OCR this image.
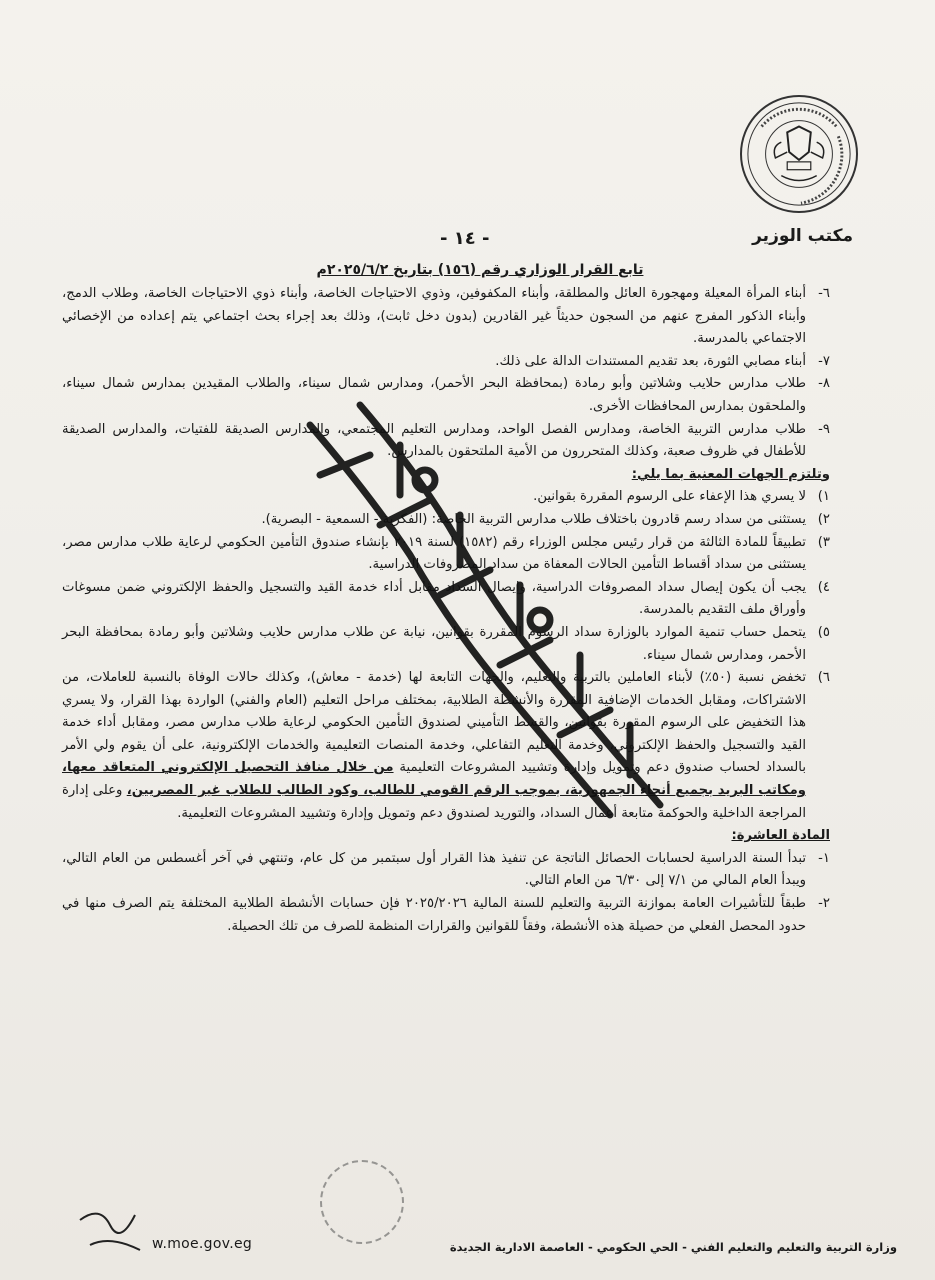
مكتب الوزير
- ١٤ -
تابع القرار الوزاري رقم (١٥٦) بتاريخ ٢٠٢٥/٦/٢م
٦-
أبناء المرأة المعيلة ومهجورة العائل والمطلقة، وأبناء المكفوفين، وذوي الاحتياجات الخاصة، وأبناء ذوي الاحتياجات الخاصة، وطلاب الدمج، وأبناء الذكور المفرج عنهم من السجون حديثاً غير القادرين (بدون دخل ثابت)، وذلك بعد إجراء بحث اجتماعي يتم إعداده من الإخصائي الاجتماعي بالمدرسة.
٧-
أبناء مصابي الثورة، بعد تقديم المستندات الدالة على ذلك.
٨-
طلاب مدارس حلايب وشلاتين وأبو رمادة (بمحافظة البحر الأحمر)، ومدارس شمال سيناء، والطلاب المقيدين بمدارس شمال سيناء، والملحقون بمدارس المحافظات الأخرى.
٩-
طلاب مدارس التربية الخاصة، ومدارس الفصل الواحد، ومدارس التعليم المجتمعي، والمدارس الصديقة للفتيات، والمدارس الصديقة للأطفال في ظروف صعبة، وكذلك المتحررون من الأمية الملتحقون بالمدارس.

وتلتزم الجهات المعنية بما يلي:

١)
لا يسري هذا الإعفاء على الرسوم المقررة بقوانين.
٢)
يستثنى من سداد رسم قادرون باختلاف طلاب مدارس التربية الخاصة: (الفكرية - السمعية - البصرية).
٣)
تطبيقاً للمادة الثالثة من قرار رئيس مجلس الوزراء رقم (١٥٨٢) لسنة ٢٠١٩ بإنشاء صندوق التأمين الحكومي لرعاية طلاب مدارس مصر، يستثنى من سداد أقساط التأمين الحالات المعفاة من سداد المصروفات الدراسية.
٤)
يجب أن يكون إيصال سداد المصروفات الدراسية، وإيصال السداد مقابل أداء خدمة القيد والتسجيل والحفظ الإلكتروني ضمن مسوغات وأوراق ملف التقديم بالمدرسة.
٥)
يتحمل حساب تنمية الموارد بالوزارة سداد الرسوم المقررة بقوانين، نيابة عن طلاب مدارس حلايب وشلاتين وأبو رمادة بمحافظة البحر الأحمر، ومدارس شمال سيناء.
٦)
تخفض نسبة (٥٠٪) لأبناء العاملين بالتربية والتعليم، والجهات التابعة لها (خدمة - معاش)، وكذلك حالات الوفاة بالنسبة للعاملات، من الاشتراكات، ومقابل الخدمات الإضافية المقررة والأنشطة الطلابية، بمختلف مراحل التعليم (العام والفني) الواردة بهذا القرار، ولا يسري هذا التخفيض على الرسوم المقررة بقوانين، والقسط التأميني لصندوق التأمين الحكومي لرعاية طلاب مدارس مصر، ومقابل أداء خدمة القيد والتسجيل والحفظ الإلكتروني، وخدمة التعليم التفاعلي، وخدمة المنصات التعليمية والخدمات الإلكترونية، على أن يقوم ولي الأمر بالسداد لحساب صندوق دعم وتمويل وإدارة وتشييد المشروعات التعليمية من خلال منافذ التحصيل الإلكتروني المتعاقد معها، ومكاتب البريد بجميع أنحاء الجمهورية، بموجب الرقم القومي للطالب، وكود الطالب للطلاب غير المصريين، وعلى إدارة المراجعة الداخلية والحوكمة متابعة أعمال السداد، والتوريد لصندوق دعم وتمويل وإدارة وتشييد المشروعات التعليمية.

المادة العاشرة:

١-
تبدأ السنة الدراسية لحسابات الحصائل الناتجة عن تنفيذ هذا القرار أول سبتمبر من كل عام، وتنتهي في آخر أغسطس من العام التالي، ويبدأ العام المالي من ٧/١ إلى ٦/٣٠ من العام التالي.
٢-
طبقاً للتأشيرات العامة بموازنة التربية والتعليم للسنة المالية ٢٠٢٥/٢٠٢٦ فإن حسابات الأنشطة الطلابية المختلفة يتم الصرف منها في حدود المحصل الفعلي من حصيلة هذه الأنشطة، وفقاً للقوانين والقرارات المنظمة للصرف من تلك الحصيلة.
w.moe.gov.eg	وزارة التربية والتعليم والتعليم الفني - الحي الحكومي - العاصمة الادارية الجديدة
